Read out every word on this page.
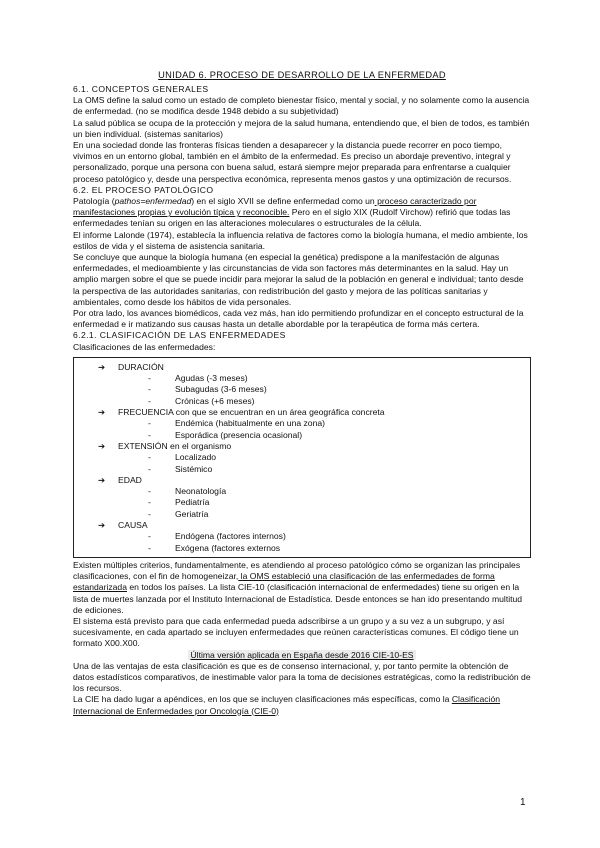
UNIDAD 6. PROCESO DE DESARROLLO DE LA ENFERMEDAD
6.1. CONCEPTOS GENERALES

La OMS define la salud como un estado de completo bienestar físico, mental y social, y no solamente como la ausencia de enfermedad. (no se modifica desde 1948 debido a su subjetividad)

La salud pública se ocupa de la protección y mejora de la salud humana, entendiendo que, el bien de todos, es también un bien individual. (sistemas sanitarios)

En una sociedad donde las fronteras físicas tienden a desaparecer y la distancia puede recorrer en poco tiempo, vivimos en un entorno global, también en el ámbito de la enfermedad. Es preciso un abordaje preventivo, integral y personalizado, porque una persona con buena salud, estará siempre mejor preparada para enfrentarse a cualquier proceso patológico y, desde una perspectiva económica, representa menos gastos y una optimización de recursos.

6.2. EL PROCESO PATOLÓGICO

Patología (pathos=enfermedad) en el siglo XVII se define enfermedad como un proceso caracterizado por manifestaciones propias y evolución típica y reconocible. Pero en el siglo XIX (Rudolf Virchow) refirió que todas las enfermedades tenían su origen en las alteraciones moleculares o estructurales de la célula.

El informe Lalonde (1974), establecía la influencia relativa de factores como la biología humana, el medio ambiente, los estilos de vida y el sistema de asistencia sanitaria.

Se concluye que aunque la biología humana (en especial la genética) predispone a la manifestación de algunas enfermedades, el medioambiente y las circunstancias de vida son factores más determinantes en la salud. Hay un amplio margen sobre el que se puede incidir para mejorar la salud de la población en general e individual; tanto desde la perspectiva de las autoridades sanitarias, con redistribución del gasto y mejora de las políticas sanitarias y ambientales, como desde los hábitos de vida personales.

Por otra lado, los avances biomédicos, cada vez más, han ido permitiendo profundizar en el concepto estructural de la enfermedad e ir matizando sus causas hasta un detalle abordable por la terapéutica de forma más certera.

6.2.1. CLASIFICACIÓN DE LAS ENFERMEDADES

Clasificaciones de las enfermedades:

➔	DURACIÓN
-	Agudas (-3 meses)
-	Subagudas (3-6 meses)
-	Crónicas (+6 meses)
➔	FRECUENCIA con que se encuentran en un área geográfica concreta
-	Endémica (habitualmente en una zona)
-	Esporádica (presencia ocasional)
➔	EXTENSIÓN en el organismo
-	Localizado
-	Sistémico
➔	EDAD
-	Neonatología
-	Pediatría
-	Geriatría
➔	CAUSA
-	Endógena (factores internos)
-	Exógena (factores externos

Existen múltiples criterios, fundamentalmente, es atendiendo al proceso patológico cómo se organizan las principales clasificaciones, con el fin de homogeneizar, la OMS estableció una clasificación de las enfermedades de forma estandarizada en todos los países. La lista CIE-10 (clasificación internacional de enfermedades) tiene su origen en la lista de muertes lanzada por el Instituto Internacional de Estadística. Desde entonces se han ido presentando multitud de ediciones.

El sistema está previsto para que cada enfermedad pueda adscribirse a un grupo y a su vez a un subgrupo, y así sucesivamente, en cada apartado se incluyen enfermedades que reúnen características comunes. El código tiene un formato X00.X00.

Última versión aplicada en España desde 2016 CIE-10-ES

Una de las ventajas de esta clasificación es que es de consenso internacional, y, por tanto permite la obtención de datos estadísticos comparativos, de inestimable valor para la toma de decisiones estratégicas, como la redistribución de los recursos.

La CIE ha dado lugar a apéndices, en los que se incluyen clasificaciones más específicas, como la Clasificación Internacional de Enfermedades por Oncología (CIE-0)

1
